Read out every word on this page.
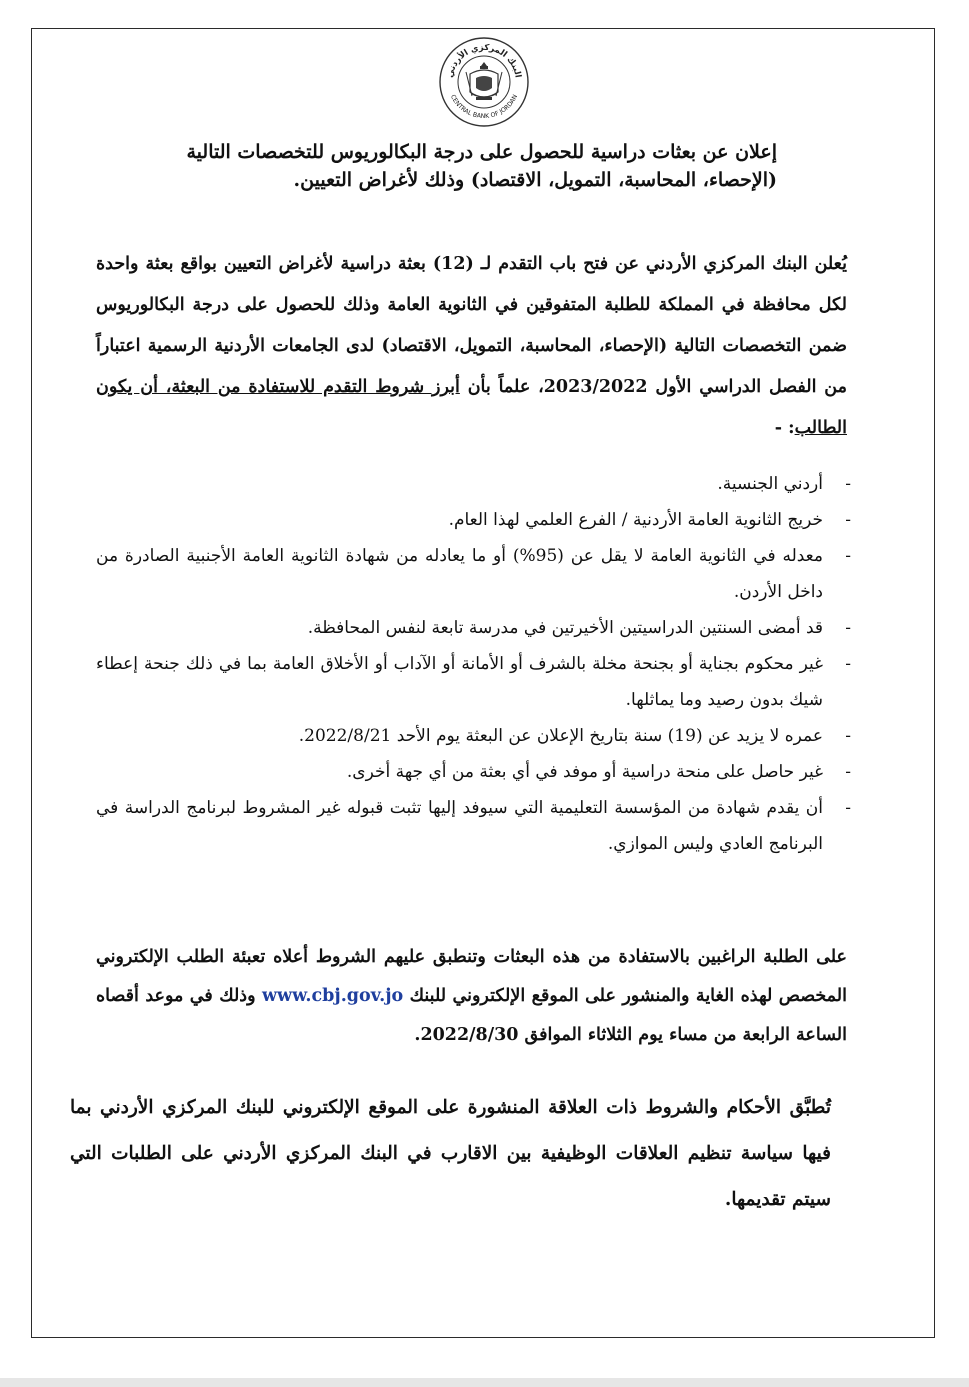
البنك المركزي الأردني
CENTRAL BANK OF JORDAN
إعلان عن بعثات دراسية للحصول على درجة البكالوريوس للتخصصات التالية
(الإحصاء، المحاسبة، التمويل، الاقتصاد) وذلك لأغراض التعيين.
يُعلن البنك المركزي الأردني عن فتح باب التقدم لـ (12) بعثة دراسية لأغراض التعيين بواقع بعثة واحدة لكل محافظة في المملكة للطلبة المتفوقين في الثانوية العامة وذلك للحصول على درجة البكالوريوس ضمن التخصصات التالية (الإحصاء، المحاسبة، التمويل، الاقتصاد) لدى الجامعات الأردنية الرسمية اعتباراً من الفصل الدراسي الأول 2023/2022، علماً بأن أبرز شروط التقدم للاستفادة من البعثة، أن يكون الطالب: -
-
أردني الجنسية.
-
خريج الثانوية العامة الأردنية / الفرع العلمي لهذا العام.
-
معدله في الثانوية العامة لا يقل عن (95%) أو ما يعادله من شهادة الثانوية العامة الأجنبية الصادرة من داخل الأردن.
-
قد أمضى السنتين الدراسيتين الأخيرتين في مدرسة تابعة لنفس المحافظة.
-
غير محكوم بجناية أو بجنحة مخلة بالشرف أو الأمانة أو الآداب أو الأخلاق العامة بما في ذلك جنحة إعطاء شيك بدون رصيد وما يماثلها.
-
عمره لا يزيد عن (19) سنة بتاريخ الإعلان عن البعثة يوم الأحد 2022/8/21.
-
غير حاصل على منحة دراسية أو موفد في أي بعثة من أي جهة أخرى.
-
أن يقدم شهادة من المؤسسة التعليمية التي سيوفد إليها تثبت قبوله غير المشروط لبرنامج الدراسة في البرنامج العادي وليس الموازي.
على الطلبة الراغبين بالاستفادة من هذه البعثات وتنطبق عليهم الشروط أعلاه تعبئة الطلب الإلكتروني المخصص لهذه الغاية والمنشور على الموقع الإلكتروني للبنك www.cbj.gov.jo وذلك في موعد أقصاه الساعة الرابعة من مساء يوم الثلاثاء الموافق 2022/8/30.
تُطبَّق الأحكام والشروط ذات العلاقة المنشورة على الموقع الإلكتروني للبنك المركزي الأردني بما فيها سياسة تنظيم العلاقات الوظيفية بين الاقارب في البنك المركزي الأردني على الطلبات التي سيتم تقديمها.
